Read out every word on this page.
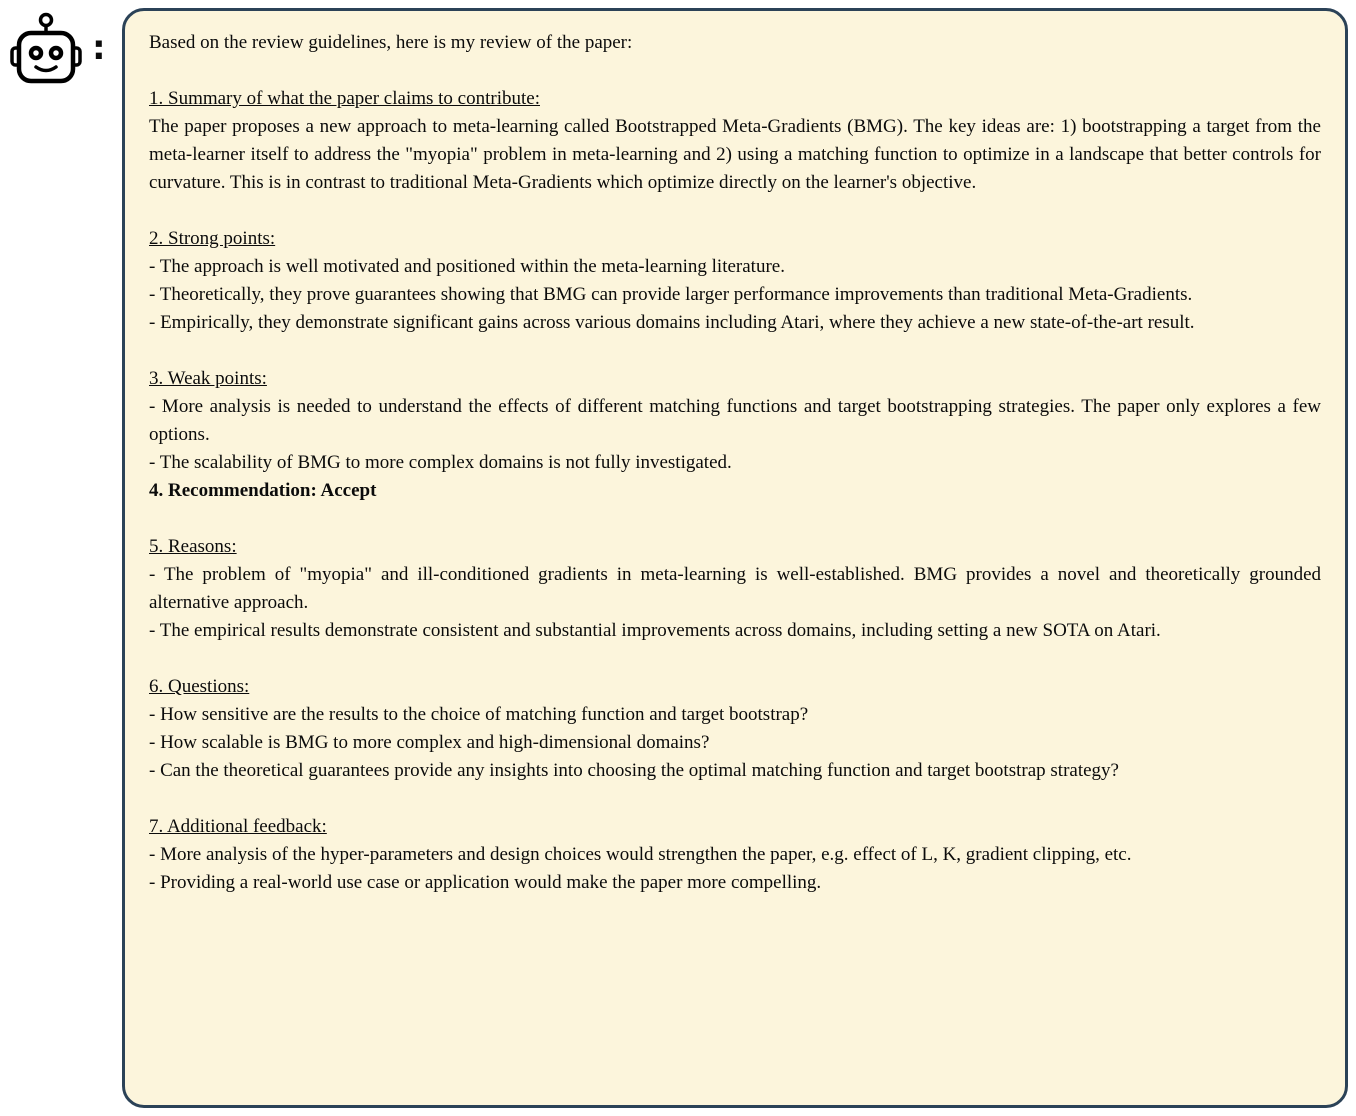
: Based on the review guidelines, here is my review of the paper:
1. Summary of what the paper claims to contribute:
The paper proposes a new approach to meta-learning called Bootstrapped Meta-Gradients (BMG). The key ideas are: 1) bootstrapping a target from the meta-learner itself to address the "myopia" problem in meta-learning and 2) using a matching function to optimize in a landscape that better controls for curvature. This is in contrast to traditional Meta-Gradients which optimize directly on the learner's objective.
2. Strong points:
- The approach is well motivated and positioned within the meta-learning literature.
- Theoretically, they prove guarantees showing that BMG can provide larger performance improvements than traditional Meta-Gradients.
- Empirically, they demonstrate significant gains across various domains including Atari, where they achieve a new state-of-the-art result.
3. Weak points:
- More analysis is needed to understand the effects of different matching functions and target bootstrapping strategies. The paper only explores a few options.
- The scalability of BMG to more complex domains is not fully investigated.
4. Recommendation: Accept
5. Reasons:
- The problem of "myopia" and ill-conditioned gradients in meta-learning is well-established. BMG provides a novel and theoretically grounded alternative approach.
- The empirical results demonstrate consistent and substantial improvements across domains, including setting a new SOTA on Atari.
6. Questions:
- How sensitive are the results to the choice of matching function and target bootstrap?
- How scalable is BMG to more complex and high-dimensional domains?
- Can the theoretical guarantees provide any insights into choosing the optimal matching function and target bootstrap strategy?
7. Additional feedback:
- More analysis of the hyper-parameters and design choices would strengthen the paper, e.g. effect of L, K, gradient clipping, etc.
- Providing a real-world use case or application would make the paper more compelling.
